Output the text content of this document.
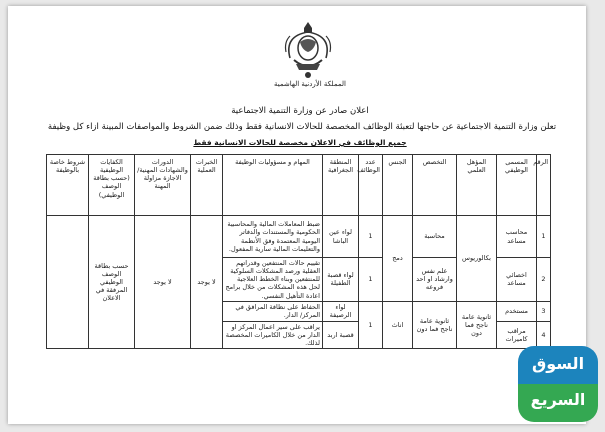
المملكة الأردنية الهاشمية
اعلان صادر عن وزارة التنمية الاجتماعية
تعلن وزارة التنمية الاجتماعية عن حاجتها لتعبئة الوظائف المخصصة للحالات الانسانية فقط وذلك ضمن الشروط والمواصفات المبينة ازاء كل وظيفة
جميع الوظائف في الاعلان مخصصة للحالات الانسانية فقط
الرقم	المسمى الوظيفي	المؤهل العلمي	التخصص	الجنس	عدد الوظائف	المنطقة الجغرافية	المهام و مسؤوليات الوظيفة	الخبرات العملية	الدورات والشهادات المهنية/الاجازة مزاولة المهنة	الكفايات الوظيفية (حسب بطاقة الوصف الوظيفي)	شروط خاصة بالوظيفة
1	محاسب مساعد	بكالوريوس	محاسبة	دمج	1	لواء عين الباشا	ضبط المعاملات المالية والمحاسبية الحكومية والمستندات والدفاتر اليومية المعتمدة وفق الأنظمة والتعليمات المالية سارية المفعول.	لا يوجد	لا يوجد	حسب بطاقة الوصف الوظيفي المرفقة في الاعلان	
2	اخصائي مساعد		علم نفس وارشاد او احد فروعه		1	لواء قصبة الطفيلة	تقييم حالات المنتفعين وقدراتهم العقلية ورصد المشكلات السلوكية للمنتفعين وبناء الخطط العلاجية لحل هذه المشكلات من خلال برامج اعادة التأهيل النفسي.				
3	مستخدم	ثانوية عامة ناجح فما دون	ثانوية عامة ناجح فما دون	اناث	1	لواء الرصيفة	الحفاظ على نظافة المرافق في المركز/ الدار.				
4	مراقب كاميرات					قصبة اربد	يراقب على سير اعمال المركز او الدار من خلال الكاميرات المخصصة لذلك.				
السوق
السريع
